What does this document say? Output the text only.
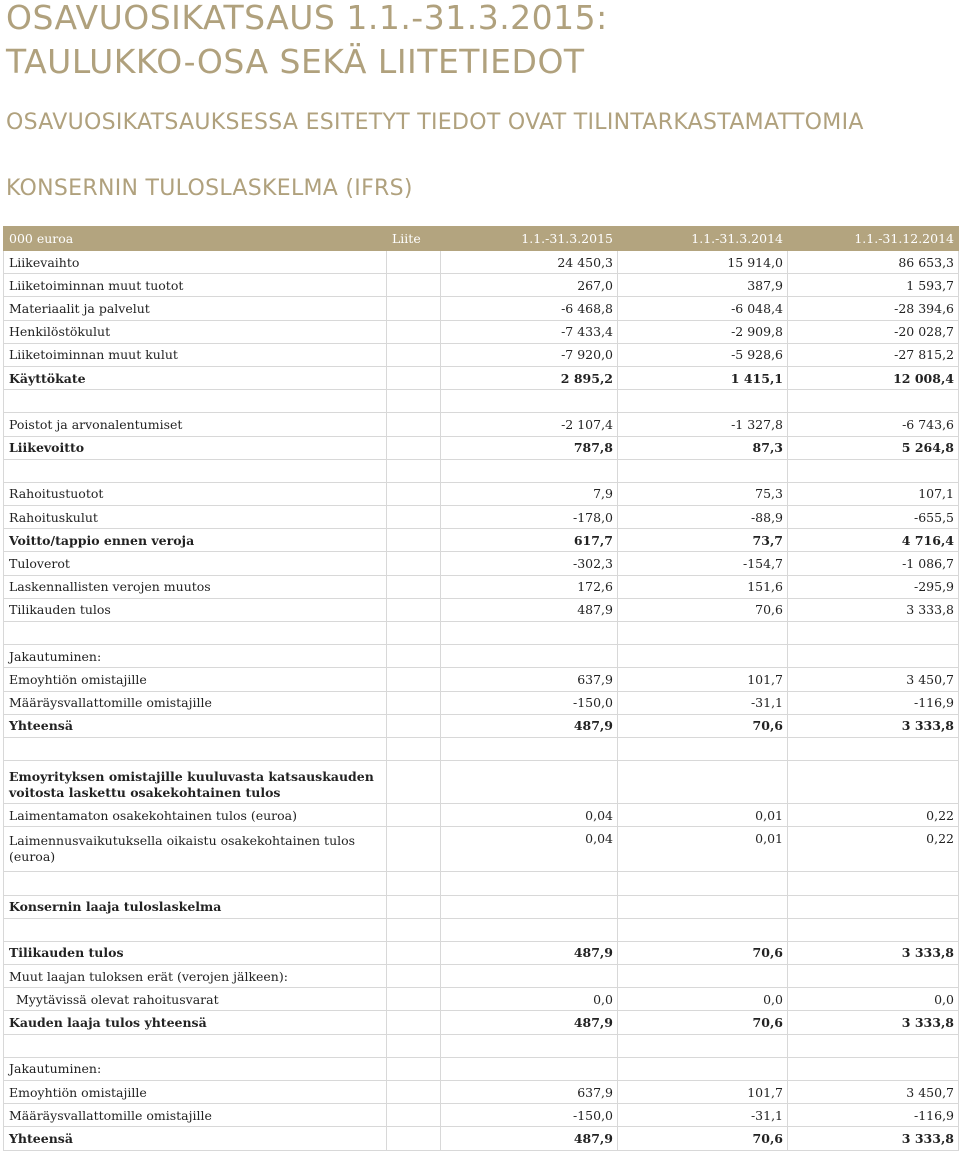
OSAVUOSIKATSAUS 1.1.-31.3.2015:
TAULUKKO-OSA SEKÄ LIITETIEDOT
OSAVUOSIKATSAUKSESSA ESITETYT TIEDOT OVAT TILINTARKASTAMATTOMIA
KONSERNIN TULOSLASKELMA (IFRS)
000 euroa	Liite	1.1.-31.3.2015	1.1.-31.3.2014	1.1.-31.12.2014
Liikevaihto		24 450,3	15 914,0	86 653,3
Liiketoiminnan muut tuotot		267,0	387,9	1 593,7
Materiaalit ja palvelut		-6 468,8	-6 048,4	-28 394,6
Henkilöstökulut		-7 433,4	-2 909,8	-20 028,7
Liiketoiminnan muut kulut		-7 920,0	-5 928,6	-27 815,2
Käyttökate		2 895,2	1 415,1	12 008,4

Poistot ja arvonalentumiset		-2 107,4	-1 327,8	-6 743,6
Liikevoitto		787,8	87,3	5 264,8

Rahoitustuotot		7,9	75,3	107,1
Rahoituskulut		-178,0	-88,9	-655,5
Voitto/tappio ennen veroja		617,7	73,7	4 716,4
Tuloverot		-302,3	-154,7	-1 086,7
Laskennallisten verojen muutos		172,6	151,6	-295,9
Tilikauden tulos		487,9	70,6	3 333,8

Jakautuminen:				
Emoyhtiön omistajille		637,9	101,7	3 450,7
Määräysvallattomille omistajille		-150,0	-31,1	-116,9
Yhteensä		487,9	70,6	3 333,8

Emoyrityksen omistajille kuuluvasta katsauskauden voitosta laskettu osakekohtainen tulos				
Laimentamaton osakekohtainen tulos (euroa)		0,04	0,01	0,22
Laimennusvaikutuksella oikaistu osakekohtainen tulos (euroa)		0,04	0,01	0,22

Konsernin laaja tuloslaskelma				

Tilikauden tulos		487,9	70,6	3 333,8
Muut laajan tuloksen erät (verojen jälkeen):				
Myytävissä olevat rahoitusvarat		0,0	0,0	0,0
Kauden laaja tulos yhteensä		487,9	70,6	3 333,8

Jakautuminen:				
Emoyhtiön omistajille		637,9	101,7	3 450,7
Määräysvallattomille omistajille		-150,0	-31,1	-116,9
Yhteensä		487,9	70,6	3 333,8
